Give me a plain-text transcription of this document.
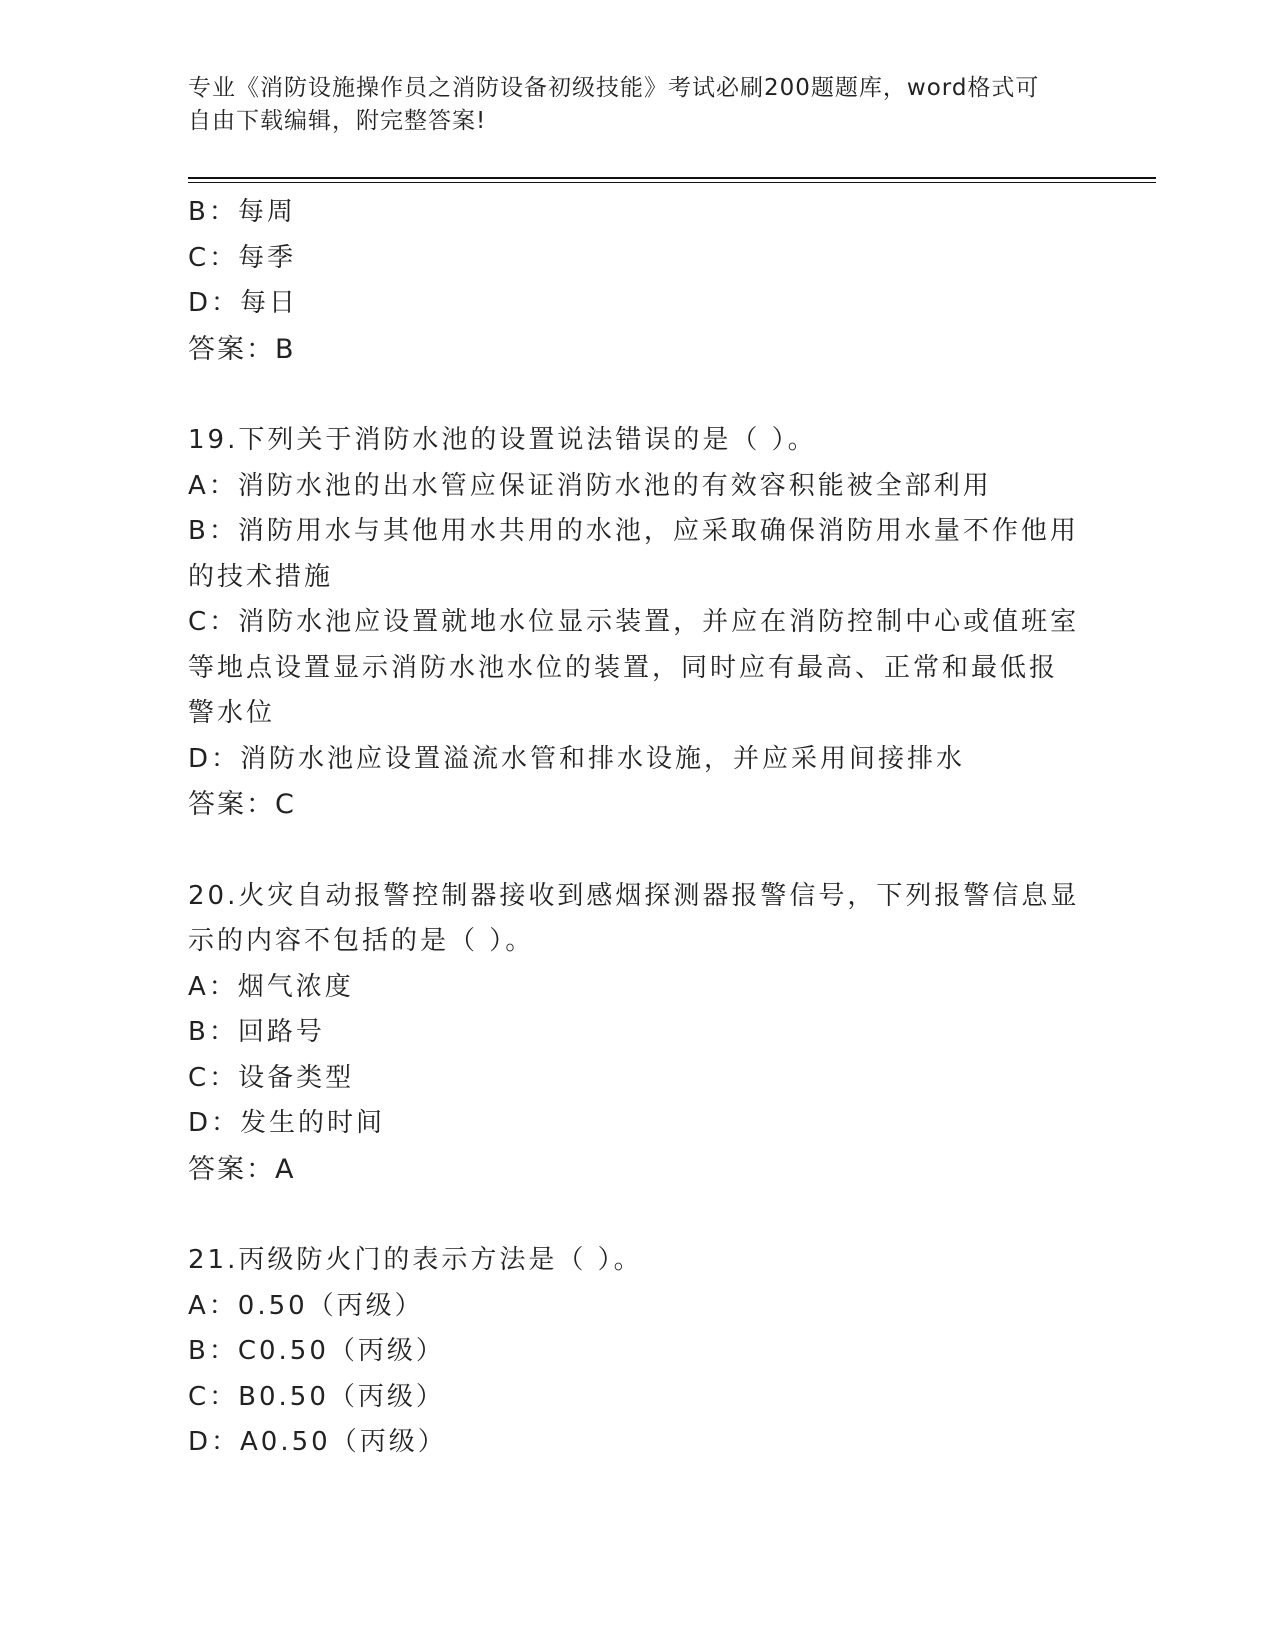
专业《消防设施操作员之消防设备初级技能》考试必刷200题题库，word格式可
自由下载编辑，附完整答案!
B：每周
C：每季
D：每日
答案：B
19.下列关于消防水池的设置说法错误的是（ ）。
A：消防水池的出水管应保证消防水池的有效容积能被全部利用
B：消防用水与其他用水共用的水池，应采取确保消防用水量不作他用
的技术措施
C：消防水池应设置就地水位显示装置，并应在消防控制中心或值班室
等地点设置显示消防水池水位的装置，同时应有最高、正常和最低报
警水位
D：消防水池应设置溢流水管和排水设施，并应采用间接排水
答案：C
20.火灾自动报警控制器接收到感烟探测器报警信号，下列报警信息显
示的内容不包括的是（ ）。
A：烟气浓度
B：回路号
C：设备类型
D：发生的时间
答案：A
21.丙级防火门的表示方法是（ ）。
A：0.50（丙级）
B：C0.50（丙级）
C：B0.50（丙级）
D：A0.50（丙级）
